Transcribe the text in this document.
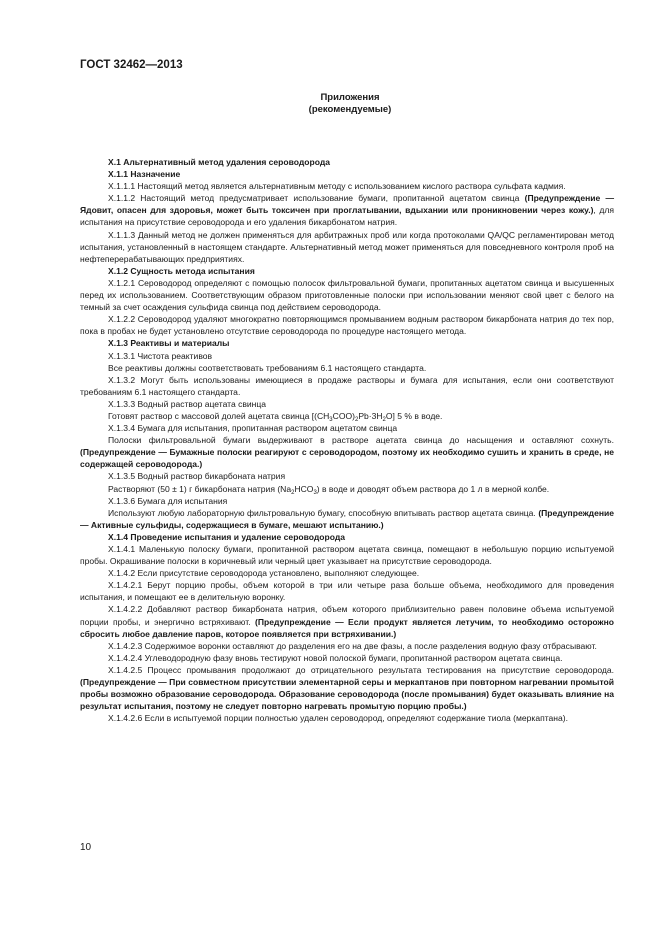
ГОСТ 32462—2013
Приложения
(рекомендуемые)

X.1 Альтернативный метод удаления сероводорода

X.1.1 Назначение

X.1.1.1 Настоящий метод является альтернативным методу с использованием кислого раствора сульфата кадмия.

X.1.1.2 Настоящий метод предусматривает использование бумаги, пропитанной ацетатом свинца (Предупреждение — Ядовит, опасен для здоровья, может быть токсичен при проглатывании, вдыхании или проникновении через кожу.), для испытания на присутствие сероводорода и его удаления бикарбонатом натрия.

X.1.1.3 Данный метод не должен применяться для арбитражных проб или когда протоколами QA/QC регламентирован метод испытания, установленный в настоящем стандарте. Альтернативный метод может применяться для повседневного контроля проб на нефтеперерабатывающих предприятиях.

X.1.2 Сущность метода испытания

X.1.2.1 Сероводород определяют с помощью полосок фильтровальной бумаги, пропитанных ацетатом свинца и высушенных перед их использованием. Соответствующим образом приготовленные полоски при использовании меняют свой цвет с белого на темный за счет осаждения сульфида свинца под действием сероводорода.

X.1.2.2 Сероводород удаляют многократно повторяющимся промыванием водным раствором бикарбоната натрия до тех пор, пока в пробах не будет установлено отсутствие сероводорода по процедуре настоящего метода.

X.1.3 Реактивы и материалы

X.1.3.1 Чистота реактивов

Все реактивы должны соответствовать требованиям 6.1 настоящего стандарта.

X.1.3.2 Могут быть использованы имеющиеся в продаже растворы и бумага для испытания, если они соответствуют требованиям 6.1 настоящего стандарта.

X.1.3.3 Водный раствор ацетата свинца

Готовят раствор с массовой долей ацетата свинца $[(CH_3COO)_2Pb\cdot 3H_2O]$ 5 % в воде.

X.1.3.4 Бумага для испытания, пропитанная раствором ацетатом свинца

Полоски фильтровальной бумаги выдерживают в растворе ацетата свинца до насыщения и оставляют сохнуть. (Предупреждение — Бумажные полоски реагируют с сероводородом, поэтому их необходимо сушить и хранить в среде, не содержащей сероводорода.)

X.1.3.5 Водный раствор бикарбоната натрия

Растворяют (50 ± 1) г бикарбоната натрия $(Na_2HCO_3)$ в воде и доводят объем раствора до 1 л в мерной колбе.

X.1.3.6 Бумага для испытания

Используют любую лабораторную фильтровальную бумагу, способную впитывать раствор ацетата свинца. (Предупреждение — Активные сульфиды, содержащиеся в бумаге, мешают испытанию.)

X.1.4 Проведение испытания и удаление сероводорода

X.1.4.1 Маленькую полоску бумаги, пропитанной раствором ацетата свинца, помещают в небольшую порцию испытуемой пробы. Окрашивание полоски в коричневый или черный цвет указывает на присутствие сероводорода.

X.1.4.2 Если присутствие сероводорода установлено, выполняют следующее.

X.1.4.2.1 Берут порцию пробы, объем которой в три или четыре раза больше объема, необходимого для проведения испытания, и помещают ее в делительную воронку.

X.1.4.2.2 Добавляют раствор бикарбоната натрия, объем которого приблизительно равен половине объема испытуемой порции пробы, и энергично встряхивают. (Предупреждение — Если продукт является летучим, то необходимо осторожно сбросить любое давление паров, которое появляется при встряхивании.)

X.1.4.2.3 Содержимое воронки оставляют до разделения его на две фазы, а после разделения водную фазу отбрасывают.

X.1.4.2.4 Углеводородную фазу вновь тестируют новой полоской бумаги, пропитанной раствором ацетата свинца.

X.1.4.2.5 Процесс промывания продолжают до отрицательного результата тестирования на присутствие сероводорода. (Предупреждение — При совместном присутствии элементарной серы и меркаптанов при повторном нагревании промытой пробы возможно образование сероводорода. Образование сероводорода (после промывания) будет оказывать влияние на результат испытания, поэтому не следует повторно нагревать промытую порцию пробы.)

X.1.4.2.6 Если в испытуемой порции полностью удален сероводород, определяют содержание тиола (меркаптана).

10
